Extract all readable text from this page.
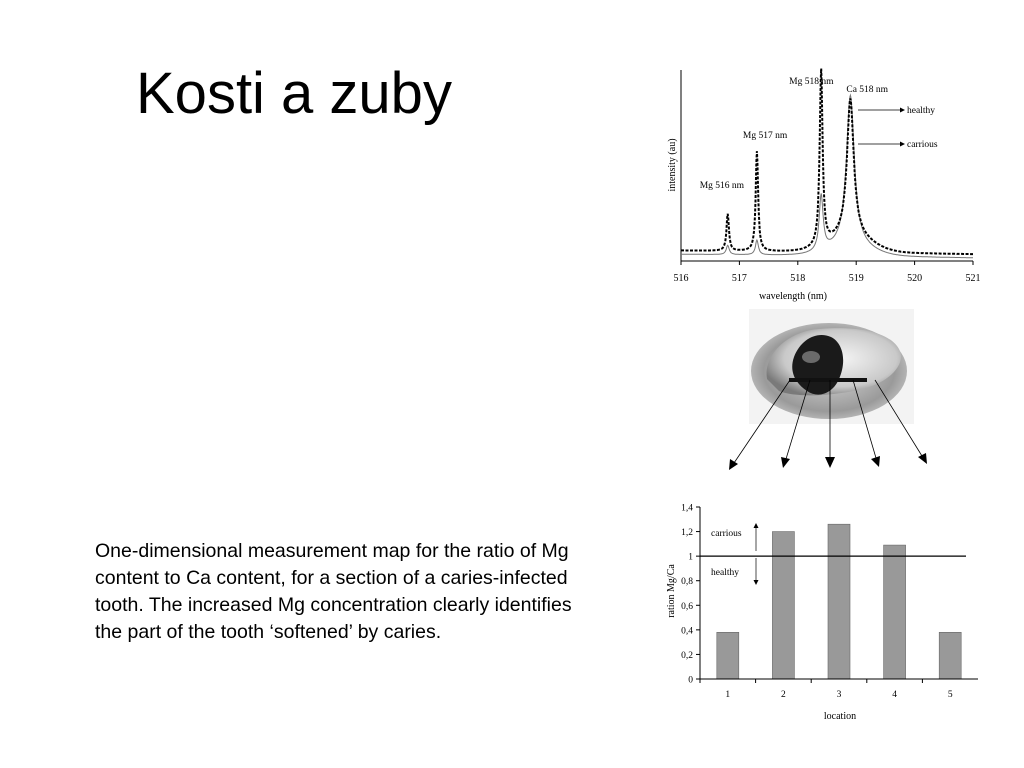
Kosti a zuby
One-dimensional measurement map for the ratio of Mg content to Ca content, for a section of a caries-infected tooth. The increased Mg concentration clearly identifies the part of the tooth ‘softened’ by caries.
516	517	518	519	520	521
Mg 516 nm
Mg 517 nm
Mg 518 nm
Ca 518 nm
wavelength (nm)
intensity (au)
healthy
carrious
0
0,2
0,4
0,6
0,8
1
1,2
1,4
1	2	3	4	5
carrious
healthy
location
ration Mg/Ca
